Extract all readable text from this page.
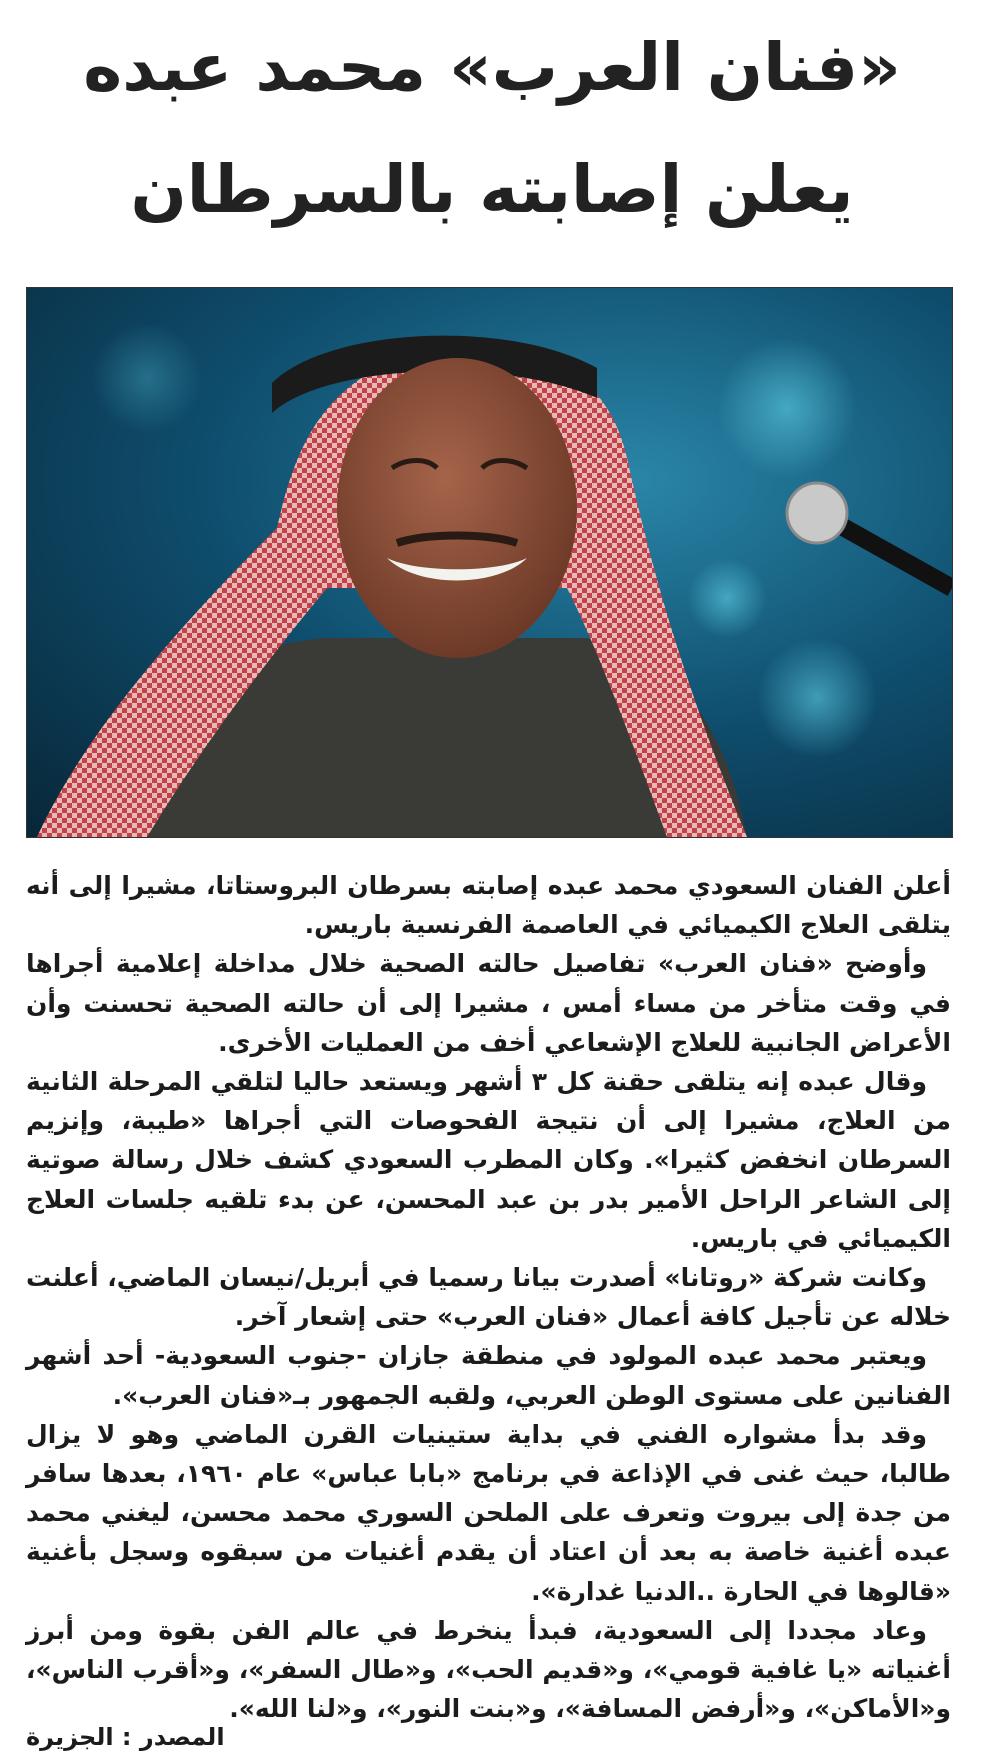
«فنان العرب» محمد عبده
يعلن إصابته بالسرطان

أعلن الفنان السعودي محمد عبده إصابته بسرطان البروستاتا، مشيرا إلى أنه يتلقى العلاج الكيميائي في العاصمة الفرنسية باريس.

وأوضح «فنان العرب» تفاصيل حالته الصحية خلال مداخلة إعلامية أجراها في وقت متأخر من مساء أمس ، مشيرا إلى أن حالته الصحية تحسنت وأن الأعراض الجانبية للعلاج الإشعاعي أخف من العمليات الأخرى.

وقال عبده إنه يتلقى حقنة كل ٣ أشهر ويستعد حاليا لتلقي المرحلة الثانية من العلاج، مشيرا إلى أن نتيجة الفحوصات التي أجراها «طيبة، وإنزيم السرطان انخفض كثيرا». وكان المطرب السعودي كشف خلال رسالة صوتية إلى الشاعر الراحل الأمير بدر بن عبد المحسن، عن بدء تلقيه جلسات العلاج الكيميائي في باريس.

وكانت شركة «روتانا» أصدرت بيانا رسميا في أبريل/نيسان الماضي، أعلنت خلاله عن تأجيل كافة أعمال «فنان العرب» حتى إشعار آخر.

ويعتبر محمد عبده المولود في منطقة جازان -جنوب السعودية- أحد أشهر الفنانين على مستوى الوطن العربي، ولقبه الجمهور بـ«فنان العرب».

وقد بدأ مشواره الفني في بداية ستينيات القرن الماضي وهو لا يزال طالبا، حيث غنى في الإذاعة في برنامج «بابا عباس» عام ١٩٦٠، بعدها سافر من جدة إلى بيروت وتعرف على الملحن السوري محمد محسن، ليغني محمد عبده أغنية خاصة به بعد أن اعتاد أن يقدم أغنيات من سبقوه وسجل بأغنية «قالوها في الحارة ..الدنيا غدارة».

وعاد مجددا إلى السعودية، فبدأ ينخرط في عالم الفن بقوة ومن أبرز أغنياته «يا غافية قومي»، و«قديم الحب»، و«طال السفر»، و«أقرب الناس»، و«الأماكن»، و«أرفض المسافة»، و«بنت النور»، و«لنا الله».

المصدر : الجزيرة
